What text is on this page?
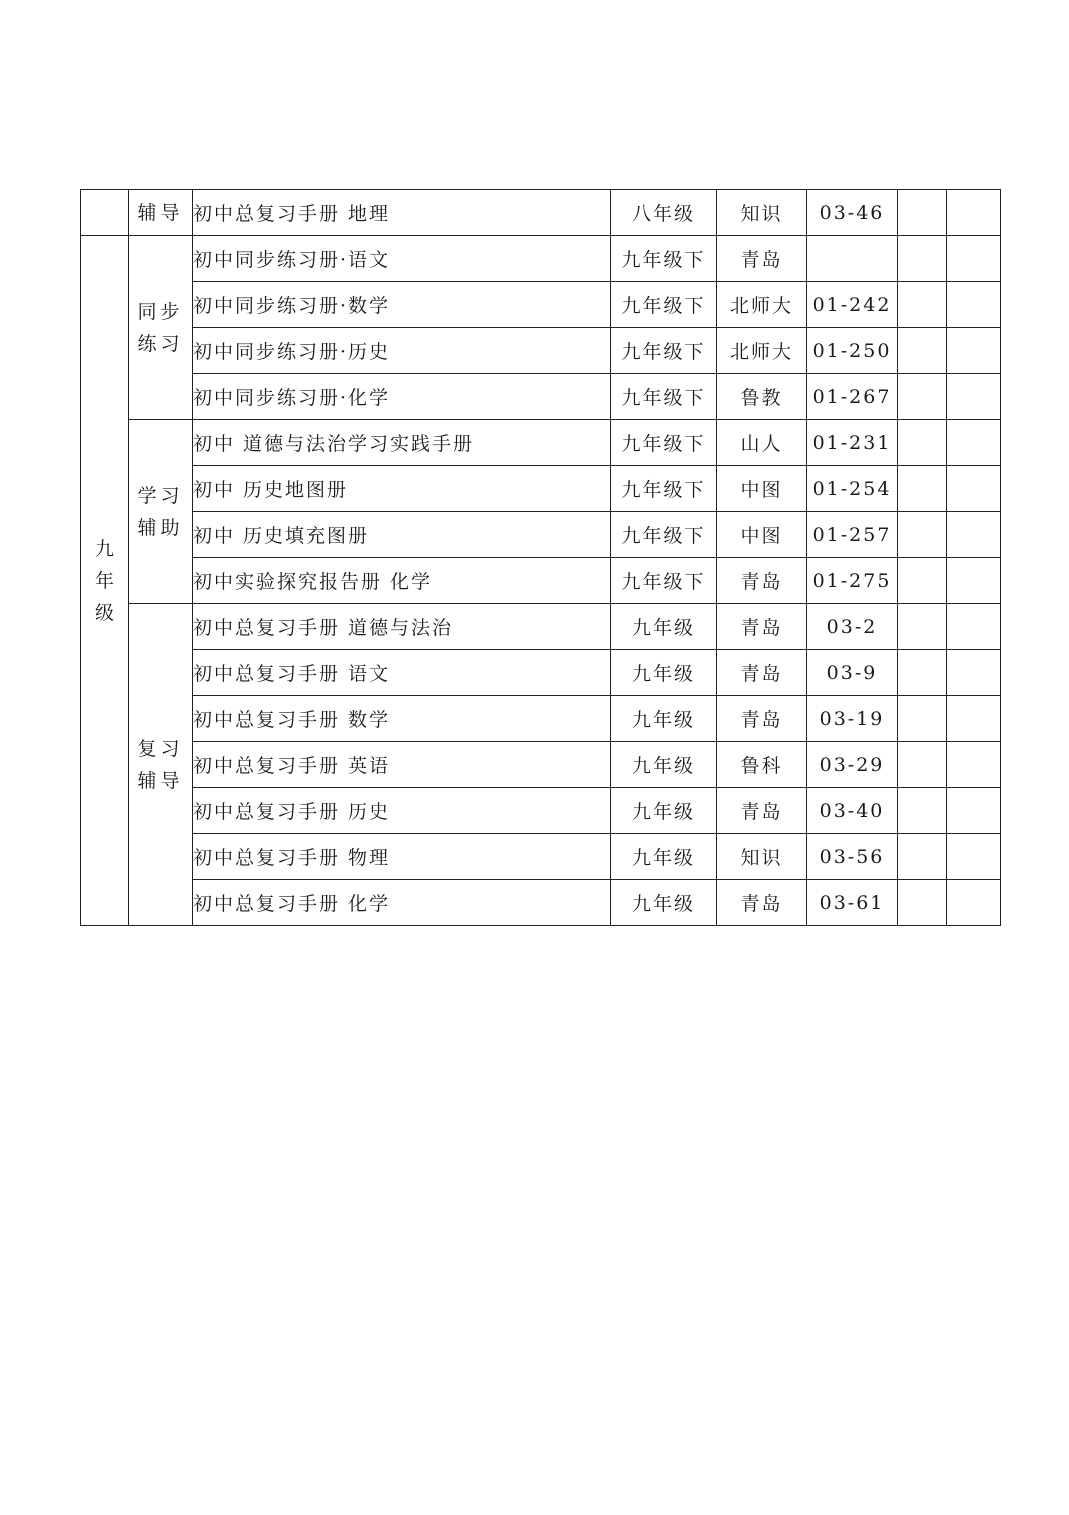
	辅导	初中总复习手册 地理	八年级	知识	03-46		
九年级	同步练习	初中同步练习册·语文	九年级下	青岛			
		初中同步练习册·数学	九年级下	北师大	01-242		
		初中同步练习册·历史	九年级下	北师大	01-250		
		初中同步练习册·化学	九年级下	鲁教	01-267		
	学习辅助	初中 道德与法治学习实践手册	九年级下	山人	01-231		
		初中 历史地图册	九年级下	中图	01-254		
		初中 历史填充图册	九年级下	中图	01-257		
		初中实验探究报告册 化学	九年级下	青岛	01-275		
	复习辅导	初中总复习手册 道德与法治	九年级	青岛	03-2		
		初中总复习手册 语文	九年级	青岛	03-9		
		初中总复习手册 数学	九年级	青岛	03-19		
		初中总复习手册 英语	九年级	鲁科	03-29		
		初中总复习手册 历史	九年级	青岛	03-40		
		初中总复习手册 物理	九年级	知识	03-56		
		初中总复习手册 化学	九年级	青岛	03-61		
